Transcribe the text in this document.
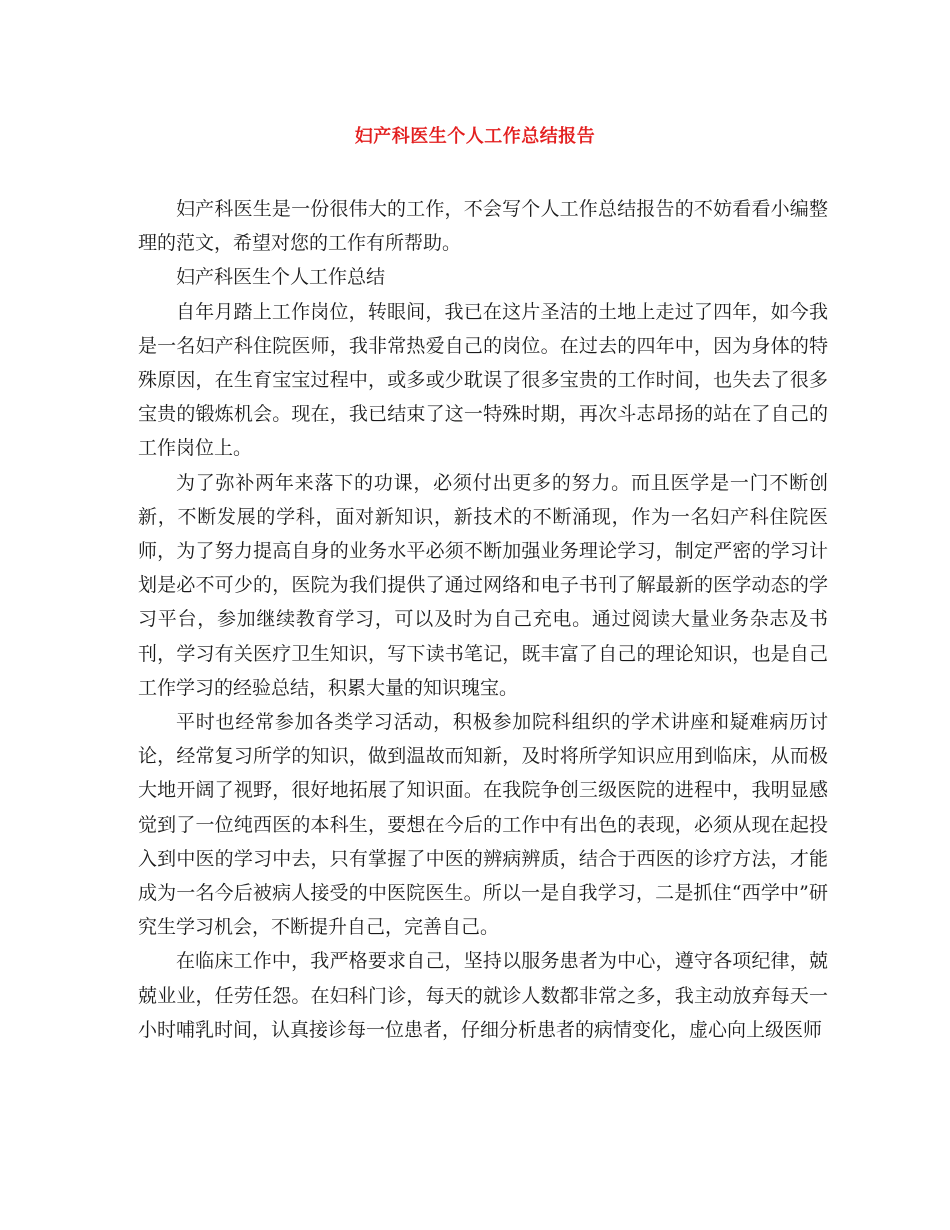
妇产科医生个人工作总结报告

妇产科医生是一份很伟大的工作，不会写个人工作总结报告的不妨看看小编整理的范文，希望对您的工作有所帮助。

妇产科医生个人工作总结

自年月踏上工作岗位，转眼间，我已在这片圣洁的土地上走过了四年，如今我是一名妇产科住院医师，我非常热爱自己的岗位。在过去的四年中，因为身体的特殊原因，在生育宝宝过程中，或多或少耽误了很多宝贵的工作时间，也失去了很多宝贵的锻炼机会。现在，我已结束了这一特殊时期，再次斗志昂扬的站在了自己的工作岗位上。

为了弥补两年来落下的功课，必须付出更多的努力。而且医学是一门不断创新，不断发展的学科，面对新知识，新技术的不断涌现，作为一名妇产科住院医师，为了努力提高自身的业务水平必须不断加强业务理论学习，制定严密的学习计划是必不可少的，医院为我们提供了通过网络和电子书刊了解最新的医学动态的学习平台，参加继续教育学习，可以及时为自己充电。通过阅读大量业务杂志及书刊，学习有关医疗卫生知识，写下读书笔记，既丰富了自己的理论知识，也是自己工作学习的经验总结，积累大量的知识瑰宝。

平时也经常参加各类学习活动，积极参加院科组织的学术讲座和疑难病历讨论，经常复习所学的知识，做到温故而知新，及时将所学知识应用到临床，从而极大地开阔了视野，很好地拓展了知识面。在我院争创三级医院的进程中，我明显感觉到了一位纯西医的本科生，要想在今后的工作中有出色的表现，必须从现在起投入到中医的学习中去，只有掌握了中医的辨病辨质，结合于西医的诊疗方法，才能成为一名今后被病人接受的中医院医生。所以一是自我学习，二是抓住“西学中”研究生学习机会，不断提升自己，完善自己。

在临床工作中，我严格要求自己，坚持以服务患者为中心，遵守各项纪律，兢兢业业，任劳任怨。在妇科门诊，每天的就诊人数都非常之多，我主动放弃每天一小时哺乳时间，认真接诊每一位患者，仔细分析患者的病情变化，虚心向上级医师
